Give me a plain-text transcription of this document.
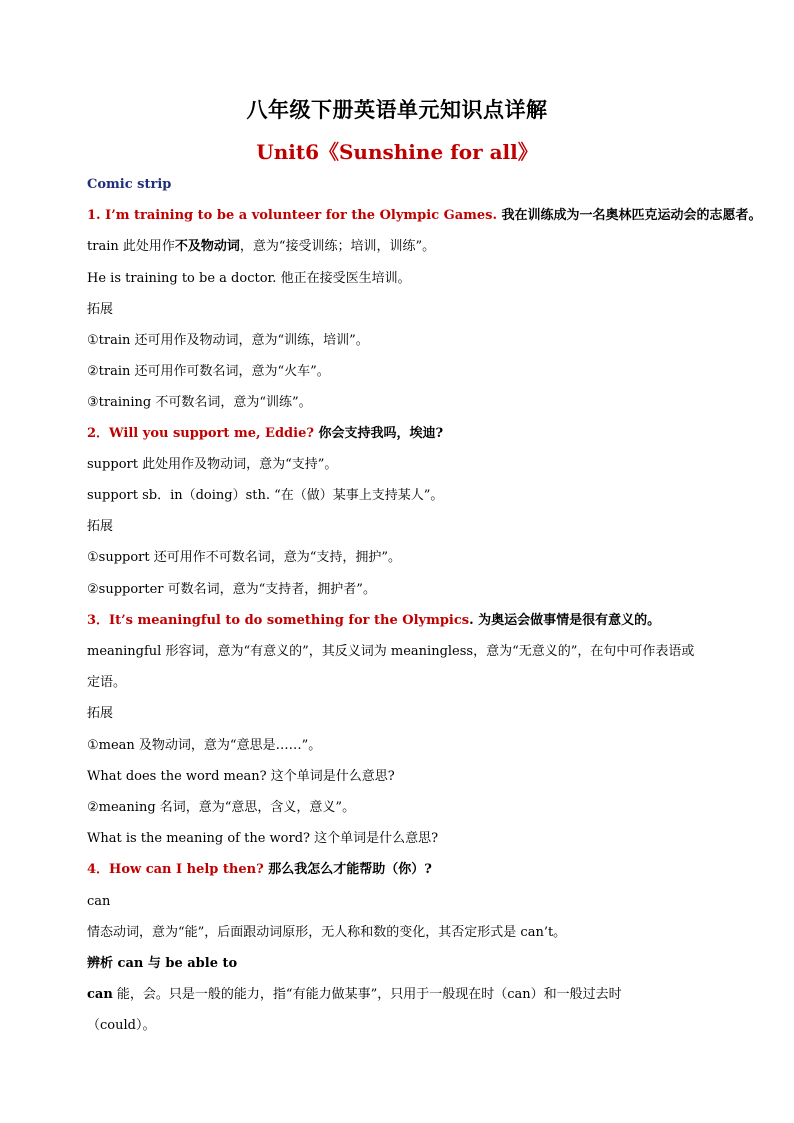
八年级下册英语单元知识点详解
Unit6《Sunshine for all》
Comic strip
1. I’m training to be a volunteer for the Olympic Games. 我在训练成为一名奥林匹克运动会的志愿者。
train 此处用作不及物动词，意为“接受训练；培训，训练”。
He is training to be a doctor. 他正在接受医生培训。
拓展
①train 还可用作及物动词，意为“训练，培训”。
②train 还可用作可数名词，意为“火车”。
③training 不可数名词，意为“训练”。
2．Will you support me, Eddie? 你会支持我吗，埃迪?
support 此处用作及物动词，意为“支持”。
support sb．in（doing）sth. “在（做）某事上支持某人”。
拓展
①support 还可用作不可数名词，意为“支持，拥护”。
②supporter 可数名词，意为“支持者，拥护者”。
3．It’s meaningful to do something for the Olympics. 为奥运会做事情是很有意义的。
meaningful 形容词，意为“有意义的”，其反义词为 meaningless，意为“无意义的”，在句中可作表语或
定语。
拓展
①mean 及物动词，意为“意思是……”。
What does the word mean? 这个单词是什么意思?
②meaning 名词，意为“意思，含义，意义”。
What is the meaning of the word? 这个单词是什么意思?
4．How can I help then? 那么我怎么才能帮助（你）?
can
情态动词，意为“能”，后面跟动词原形，无人称和数的变化，其否定形式是 can’t。
辨析 can 与 be able to
can 能，会。只是一般的能力，指“有能力做某事”，只用于一般现在时（can）和一般过去时
（could）。
